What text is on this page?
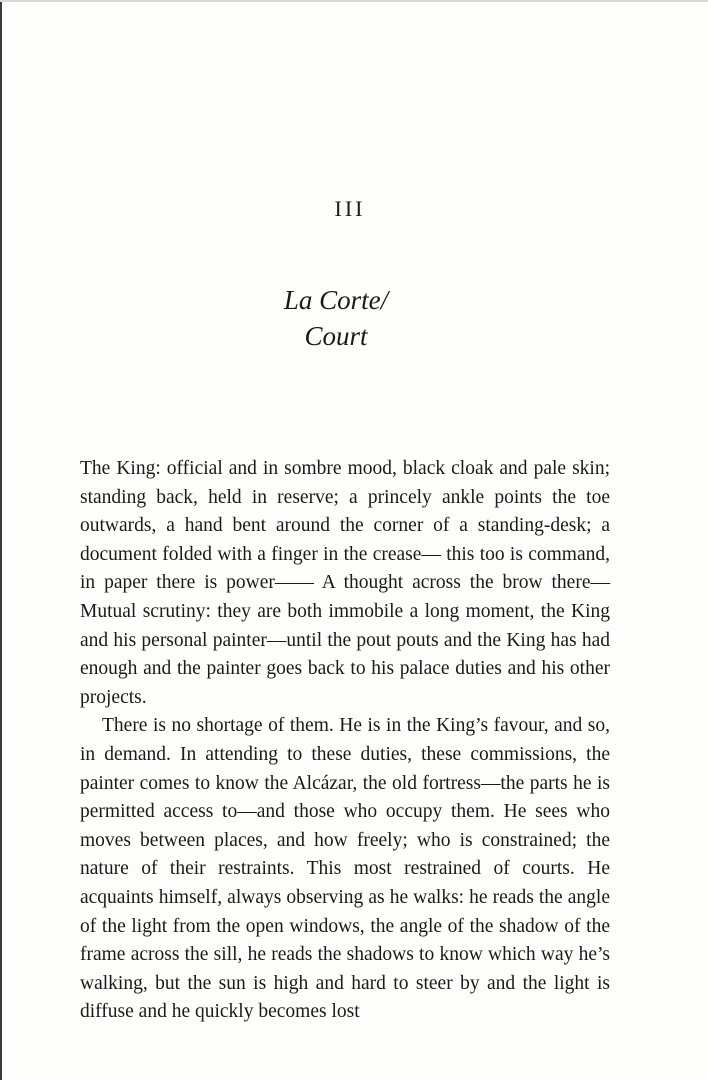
III
La Corte/
Court

The King: official and in sombre mood, black cloak and pale skin; standing back, held in reserve; a princely ankle points the toe outwards, a hand bent around the corner of a standing-desk; a document folded with a finger in the crease— this too is command, in paper there is power—— A thought across the brow there— Mutual scrutiny: they are both immobile a long moment, the King and his personal painter—until the pout pouts and the King has had enough and the painter goes back to his palace duties and his other projects.

There is no shortage of them. He is in the King’s favour, and so, in demand. In attending to these duties, these commissions, the painter comes to know the Alcázar, the old fortress—the parts he is permitted access to—and those who occupy them. He sees who moves between places, and how freely; who is constrained; the nature of their restraints. This most restrained of courts. He acquaints himself, always observing as he walks: he reads the angle of the light from the open windows, the angle of the shadow of the frame across the sill, he reads the shadows to know which way he’s walking, but the sun is high and hard to steer by and the light is diffuse and he quickly becomes lost
